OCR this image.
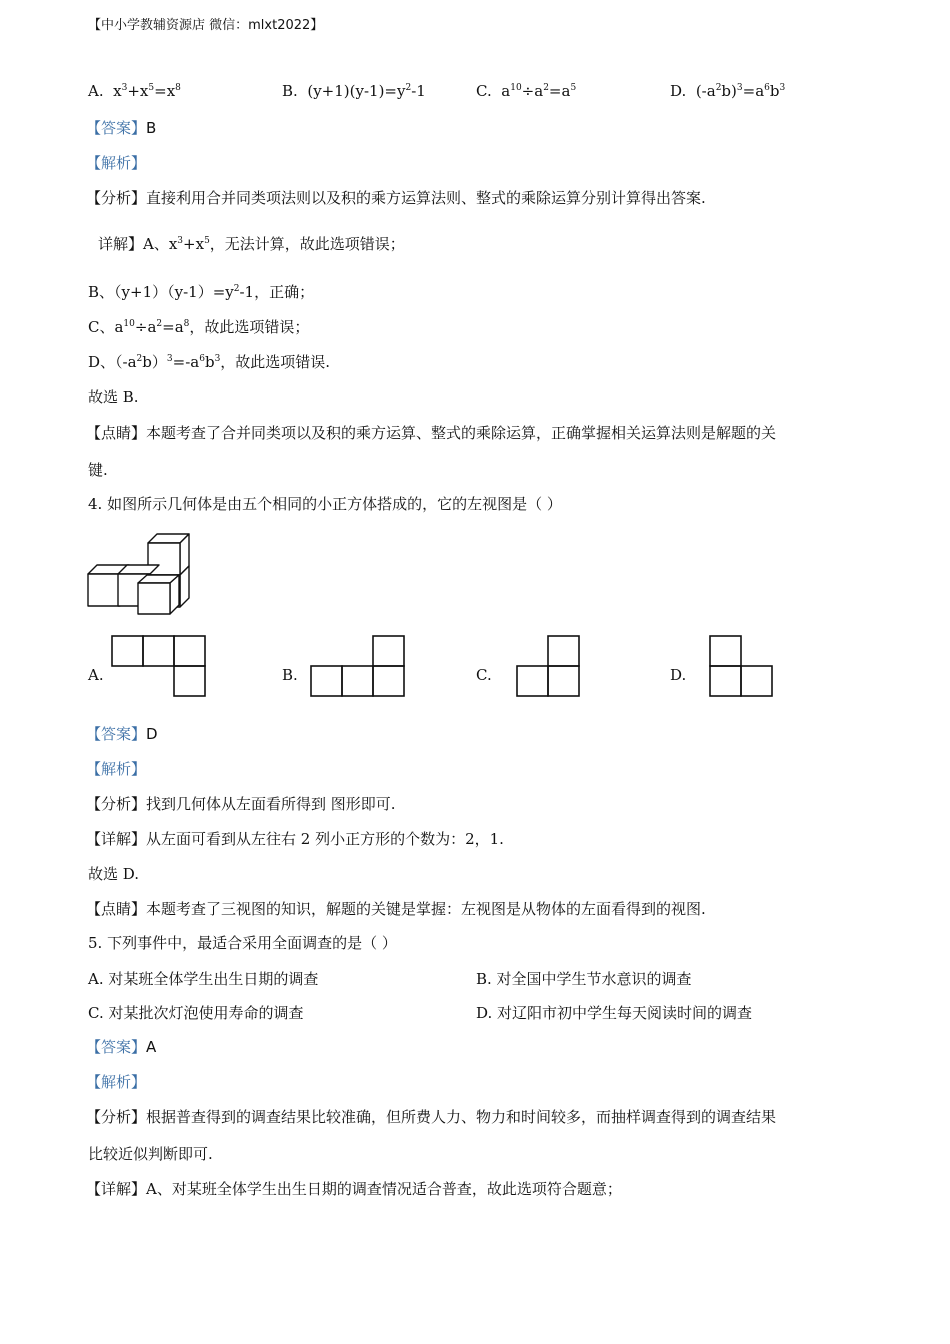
【中小学教辅资源店 微信：mlxt2022】
A. $x^3+x^5=x^8$	B. $(y+1)(y-1)=y^2-1$	C. $a^{10}\div a^2=a^5$	D. $(-a^2b)^3=a^6b^3$
【答案】B
【解析】
【分析】直接利用合并同类项法则以及积的乘方运算法则、整式的乘除运算分别计算得出答案.
详解】A、$x^3+x^5$，无法计算，故此选项错误；
B、$(y+1)(y-1)=y^2-1$，正确；
C、$a^{10}\div a^2=a^8$，故此选项错误；
D、$(-a^2b)^3=-a^6b^3$，故此选项错误.
故选 B.
【点睛】本题考查了合并同类项以及积的乘方运算、整式的乘除运算，正确掌握相关运算法则是解题的关
键.
4. 如图所示几何体是由五个相同的小正方体搭成的，它的左视图是（ ）
A.	B.	C.	D.
【答案】D
【解析】
【分析】找到几何体从左面看所得到 图形即可.
【详解】从左面可看到从左往右 2 列小正方形的个数为：2，1.
故选 D.
【点睛】本题考查了三视图的知识，解题的关键是掌握：左视图是从物体的左面看得到的视图.
5. 下列事件中，最适合采用全面调查的是（ ）
A. 对某班全体学生出生日期的调查	B. 对全国中学生节水意识的调查
C. 对某批次灯泡使用寿命的调查	D. 对辽阳市初中学生每天阅读时间的调查
【答案】A
【解析】
【分析】根据普查得到的调查结果比较准确，但所费人力、物力和时间较多，而抽样调查得到的调查结果
比较近似判断即可.
【详解】A、对某班全体学生出生日期的调查情况适合普查，故此选项符合题意；
